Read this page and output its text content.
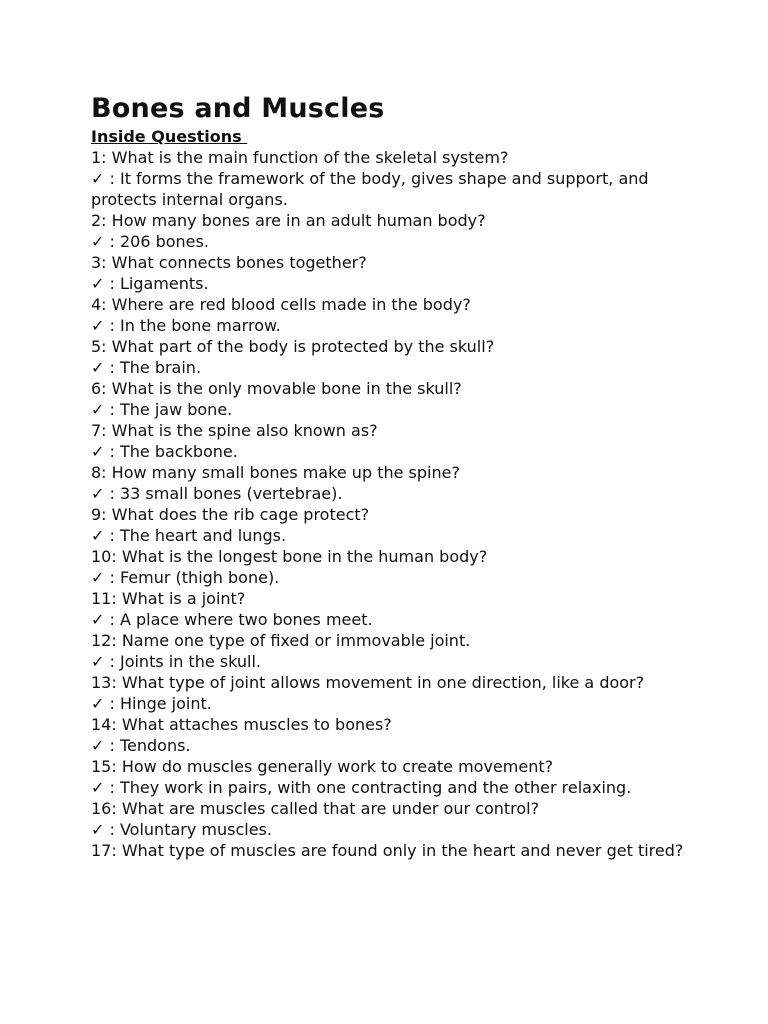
Bones and Muscles
Inside Questions

1: What is the main function of the skeletal system?

✓ : It forms the framework of the body, gives shape and support, and protects internal organs.

2: How many bones are in an adult human body?

✓ : 206 bones.

3: What connects bones together?

✓ : Ligaments.

4: Where are red blood cells made in the body?

✓ : In the bone marrow.

5: What part of the body is protected by the skull?

✓ : The brain.

6: What is the only movable bone in the skull?

✓ : The jaw bone.

7: What is the spine also known as?

✓ : The backbone.

8: How many small bones make up the spine?

✓ : 33 small bones (vertebrae).

9: What does the rib cage protect?

✓ : The heart and lungs.

10: What is the longest bone in the human body?

✓ : Femur (thigh bone).

11: What is a joint?

✓ : A place where two bones meet.

12: Name one type of fixed or immovable joint.

✓ : Joints in the skull.

13: What type of joint allows movement in one direction, like a door?

✓ : Hinge joint.

14: What attaches muscles to bones?

✓ : Tendons.

15: How do muscles generally work to create movement?

✓ : They work in pairs, with one contracting and the other relaxing.

16: What are muscles called that are under our control?

✓ : Voluntary muscles.

17: What type of muscles are found only in the heart and never get tired?
